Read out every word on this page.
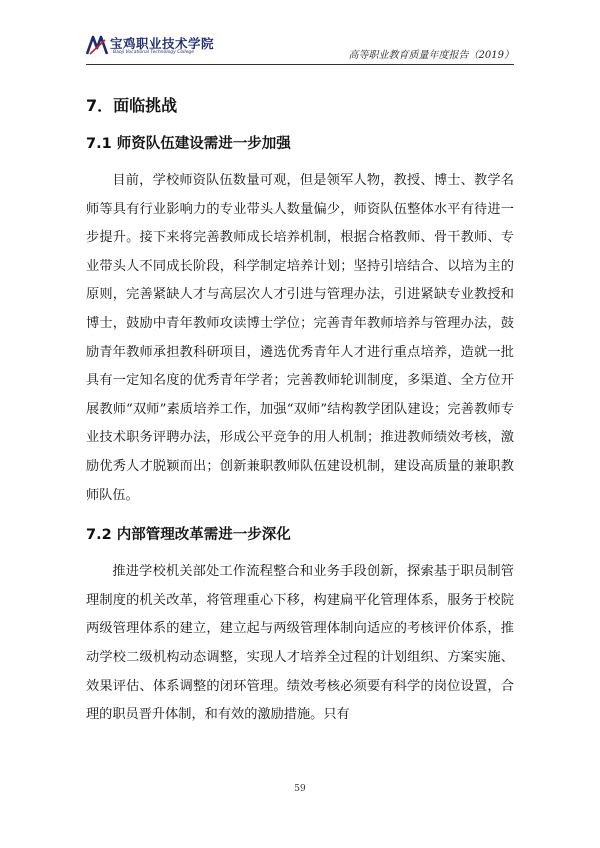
宝鸡职业技术学院
Baoji Vocational Technology College	高等职业教育质量年度报告（2019）
7．面临挑战
7.1 师资队伍建设需进一步加强

目前，学校师资队伍数量可观，但是领军人物，教授、博士、教学名师等具有行业影响力的专业带头人数量偏少，师资队伍整体水平有待进一步提升。接下来将完善教师成长培养机制，根据合格教师、骨干教师、专业带头人不同成长阶段，科学制定培养计划；坚持引培结合、以培为主的原则，完善紧缺人才与高层次人才引进与管理办法，引进紧缺专业教授和博士，鼓励中青年教师攻读博士学位；完善青年教师培养与管理办法，鼓励青年教师承担教科研项目，遴选优秀青年人才进行重点培养，造就一批具有一定知名度的优秀青年学者；完善教师轮训制度，多渠道、全方位开展教师“双师”素质培养工作，加强“双师”结构教学团队建设；完善教师专业技术职务评聘办法，形成公平竞争的用人机制；推进教师绩效考核，激励优秀人才脱颖而出；创新兼职教师队伍建设机制，建设高质量的兼职教师队伍。

7.2 内部管理改革需进一步深化

推进学校机关部处工作流程整合和业务手段创新，探索基于职员制管理制度的机关改革，将管理重心下移，构建扁平化管理体系，服务于校院两级管理体系的建立，建立起与两级管理体制向适应的考核评价体系，推动学校二级机构动态调整，实现人才培养全过程的计划组织、方案实施、效果评估、体系调整的闭环管理。绩效考核必须要有科学的岗位设置，合理的职员晋升体制，和有效的激励措施。只有

59
